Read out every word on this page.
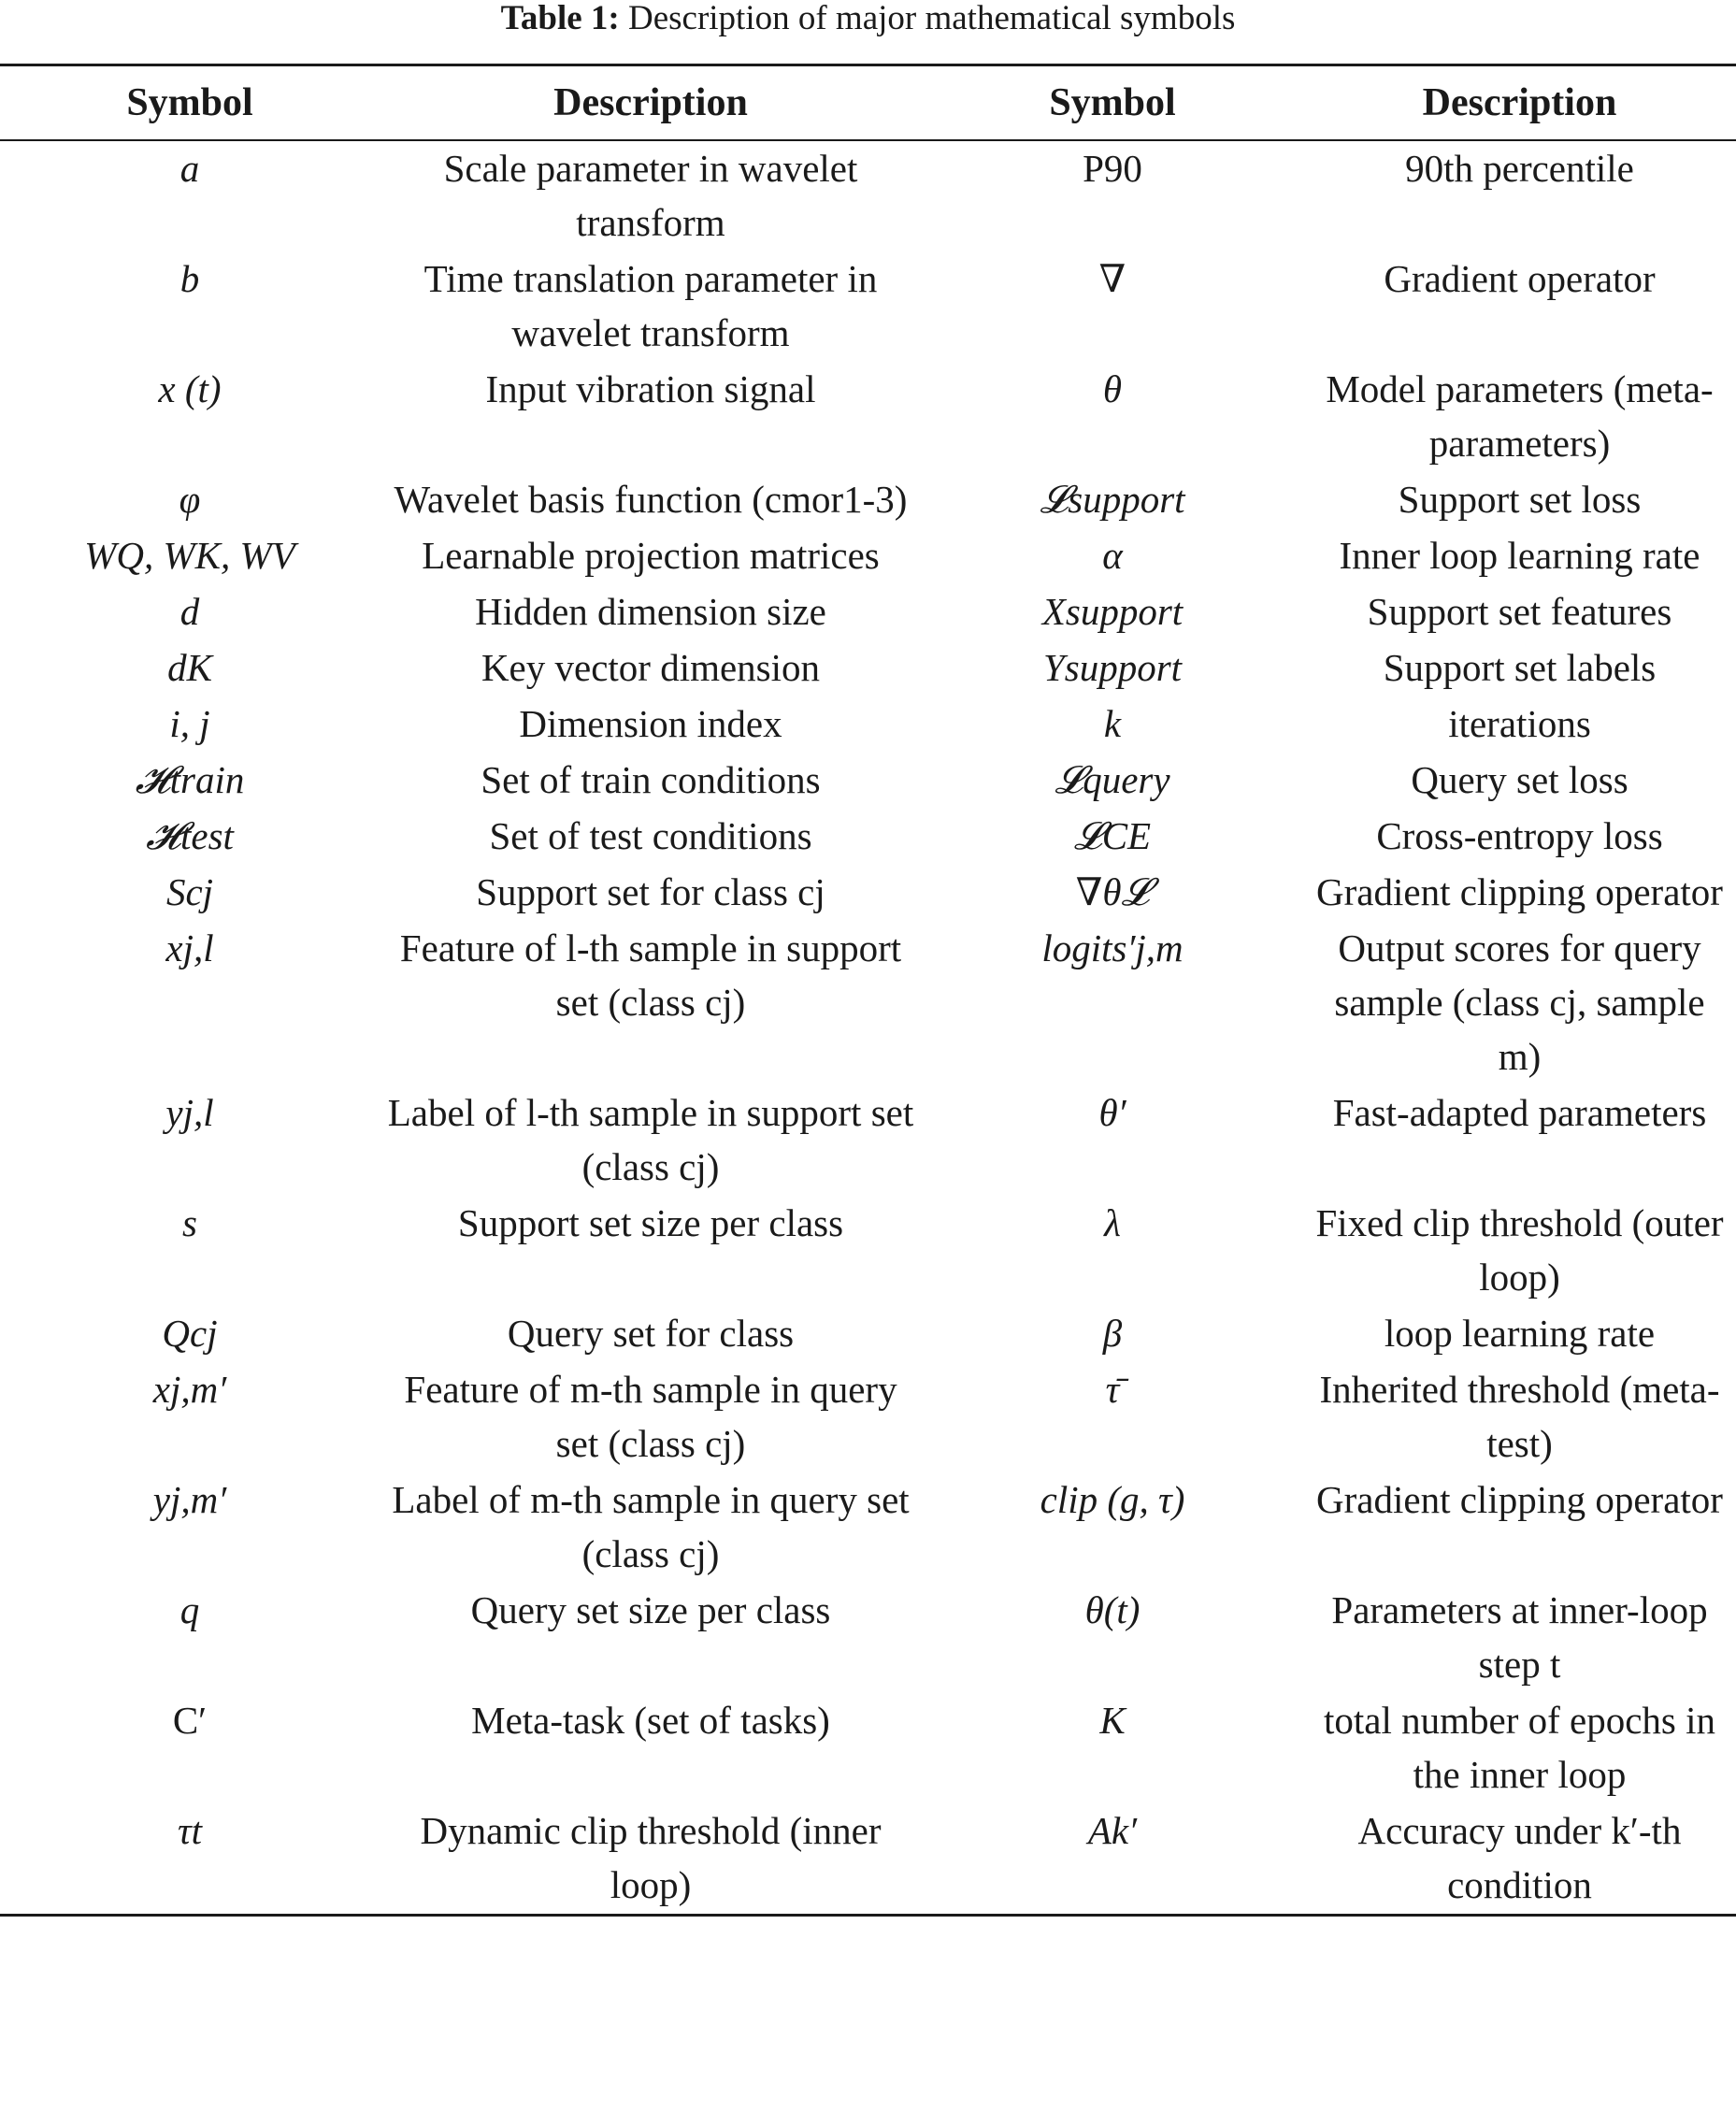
Table 1: Description of major mathematical symbols
Symbol	Description	Symbol	Description
a	Scale parameter in wavelet transform	P90	90th percentile
b	Time translation parameter in wavelet transform	∇	Gradient operator
x (t)	Input vibration signal	θ	Model parameters (meta-parameters)
φ	Wavelet basis function (cmor1-3)	𝓛support	Support set loss
WQ, WK, WV	Learnable projection matrices	α	Inner loop learning rate
d	Hidden dimension size	Xsupport	Support set features
dK	Key vector dimension	Ysupport	Support set labels
i, j	Dimension index	k	iterations
𝓗train	Set of train conditions	𝓛query	Query set loss
𝓗test	Set of test conditions	𝓛CE	Cross-entropy loss
Scj	Support set for class cj	∇θ𝓛	Gradient clipping operator
xj,l	Feature of l-th sample in support set (class cj)	logits′j,m	Output scores for query sample (class cj, sample m)
yj,l	Label of l-th sample in support set (class cj)	θ′	Fast-adapted parameters
s	Support set size per class	λ	Fixed clip threshold (outer loop)
Qcj	Query set for class	β	loop learning rate
xj,m′	Feature of m-th sample in query set (class cj)	τ̄	Inherited threshold (meta-test)
yj,m′	Label of m-th sample in query set (class cj)	clip (g, τ)	Gradient clipping operator
q	Query set size per class	θ(t)	Parameters at inner-loop step t
C′	Meta-task (set of tasks)	K	total number of epochs in the inner loop
τt	Dynamic clip threshold (inner loop)	Ak′	Accuracy under k′-th condition
